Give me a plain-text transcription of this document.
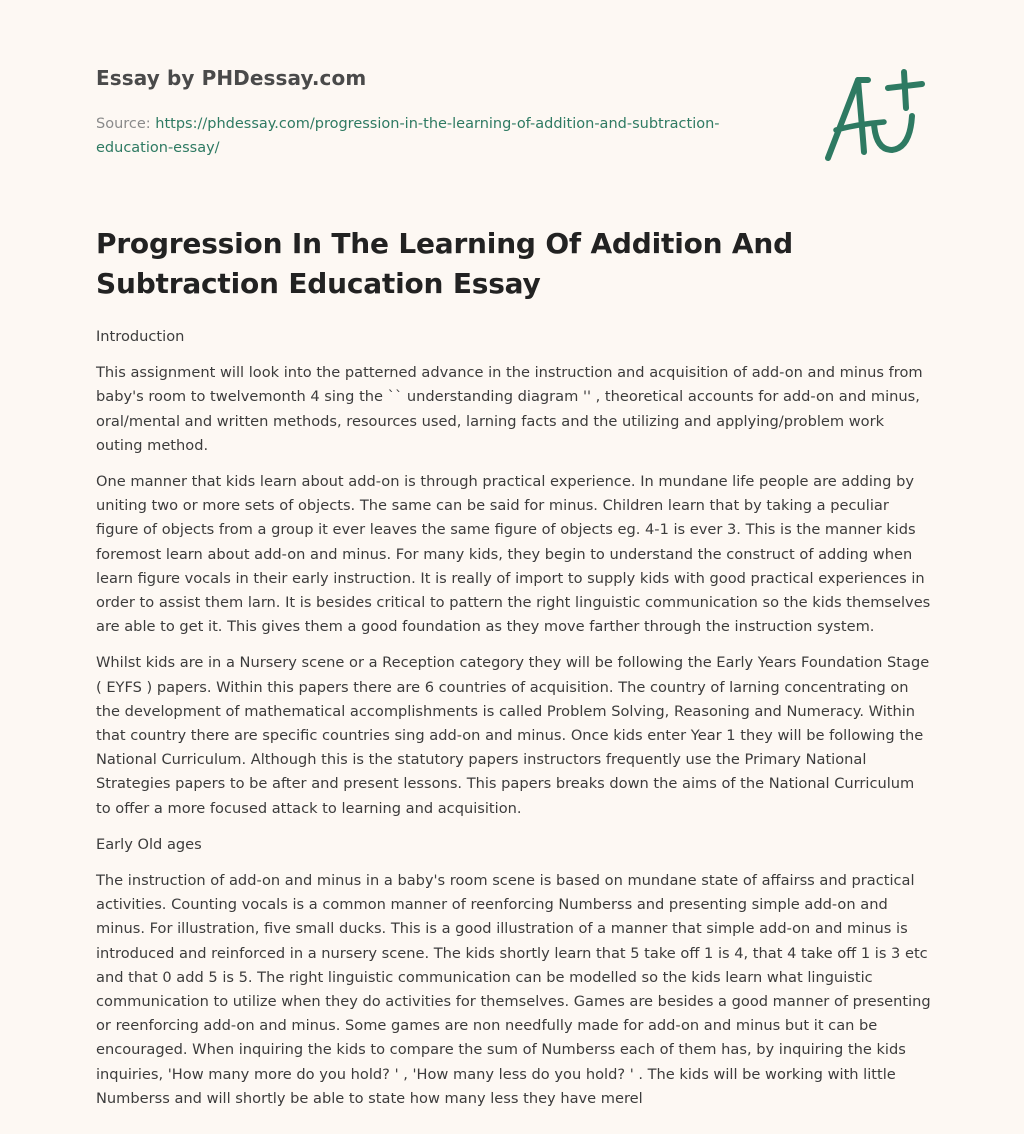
Essay by PHDessay.com

Source: https://phdessay.com/progression-in-the-learning-of-addition-and-subtraction-education-essay/

Progression In The Learning Of Addition And Subtraction Education Essay

Introduction

This assignment will look into the patterned advance in the instruction and acquisition of add-on and minus from baby's room to twelvemonth 4 sing the `` understanding diagram '' , theoretical accounts for add-on and minus, oral/mental and written methods, resources used, larning facts and the utilizing and applying/problem work outing method.

One manner that kids learn about add-on is through practical experience. In mundane life people are adding by uniting two or more sets of objects. The same can be said for minus. Children learn that by taking a peculiar figure of objects from a group it ever leaves the same figure of objects eg. 4-1 is ever 3. This is the manner kids foremost learn about add-on and minus. For many kids, they begin to understand the construct of adding when learn figure vocals in their early instruction. It is really of import to supply kids with good practical experiences in order to assist them larn. It is besides critical to pattern the right linguistic communication so the kids themselves are able to get it. This gives them a good foundation as they move farther through the instruction system.

Whilst kids are in a Nursery scene or a Reception category they will be following the Early Years Foundation Stage ( EYFS ) papers. Within this papers there are 6 countries of acquisition. The country of larning concentrating on the development of mathematical accomplishments is called Problem Solving, Reasoning and Numeracy. Within that country there are specific countries sing add-on and minus. Once kids enter Year 1 they will be following the National Curriculum. Although this is the statutory papers instructors frequently use the Primary National Strategies papers to be after and present lessons. This papers breaks down the aims of the National Curriculum to offer a more focused attack to learning and acquisition.

Early Old ages

The instruction of add-on and minus in a baby's room scene is based on mundane state of affairss and practical activities. Counting vocals is a common manner of reenforcing Numberss and presenting simple add-on and minus. For illustration, five small ducks. This is a good illustration of a manner that simple add-on and minus is introduced and reinforced in a nursery scene. The kids shortly learn that 5 take off 1 is 4, that 4 take off 1 is 3 etc and that 0 add 5 is 5. The right linguistic communication can be modelled so the kids learn what linguistic communication to utilize when they do activities for themselves. Games are besides a good manner of presenting or reenforcing add-on and minus. Some games are non needfully made for add-on and minus but it can be encouraged. When inquiring the kids to compare the sum of Numberss each of them has, by inquiring the kids inquiries, 'How many more do you hold? ' , 'How many less do you hold? ' . The kids will be working with little Numberss and will shortly be able to state how many less they have merel
